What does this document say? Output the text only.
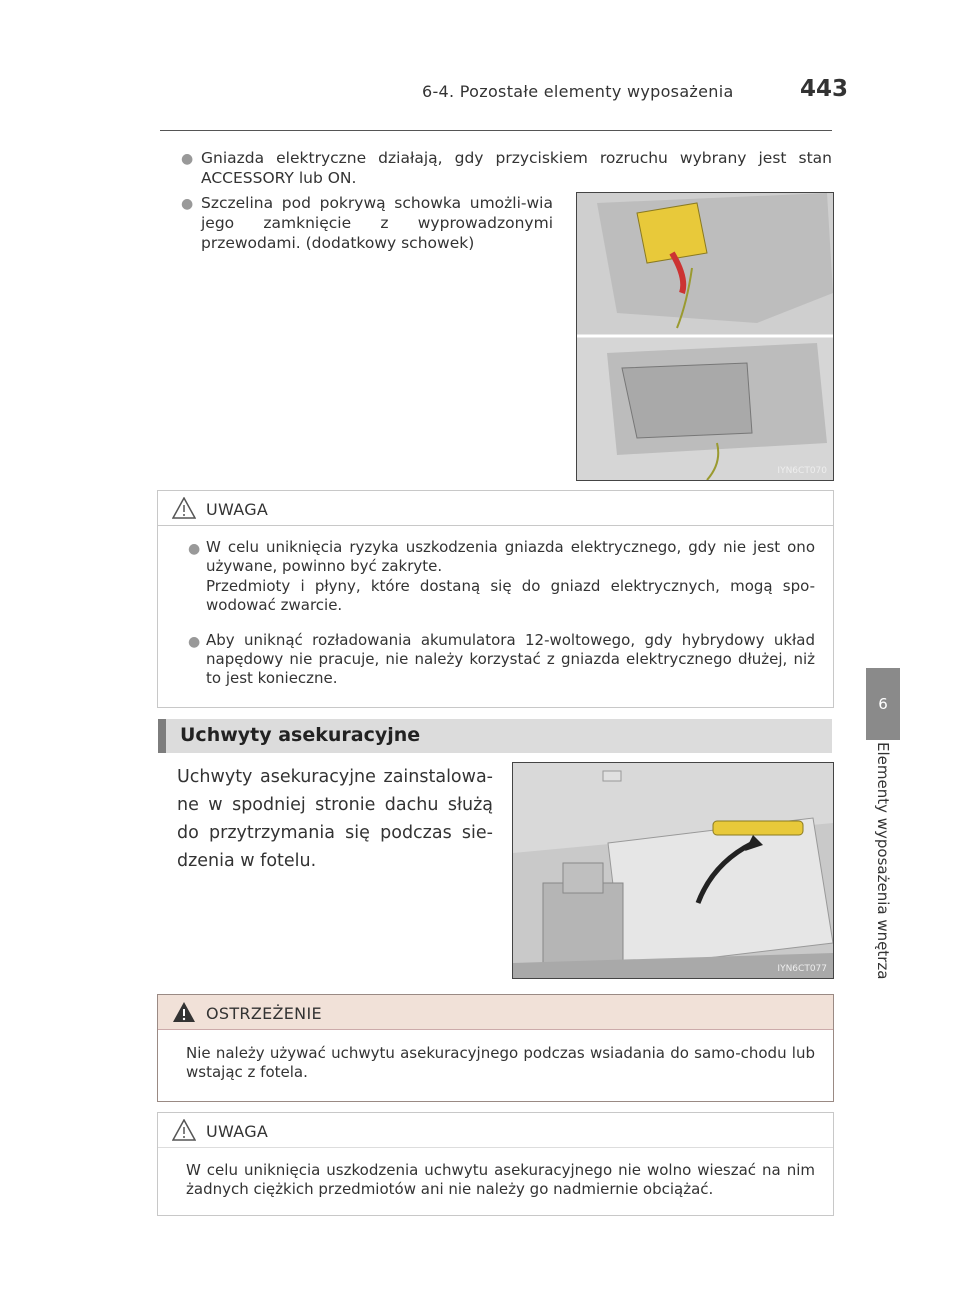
6-4. Pozostałe elementy wyposażenia	443
6
Elementy wyposażenia wnętrza
● Gniazda elektryczne działają, gdy przyciskiem rozruchu wybrany jest stan ACCESSORY lub ON.
● Szczelina pod pokrywą schowka umożli-wia jego zamknięcie z wyprowadzonymi przewodami. (dodatkowy schowek)
IYN6CT070
UWAGA
● W celu uniknięcia ryzyka uszkodzenia gniazda elektrycznego, gdy nie jest ono używane, powinno być zakryte.
Przedmioty i płyny, które dostaną się do gniazd elektrycznych, mogą spo-wodować zwarcie.
● Aby uniknąć rozładowania akumulatora 12-woltowego, gdy hybrydowy układ napędowy nie pracuje, nie należy korzystać z gniazda elektrycznego dłużej, niż to jest konieczne.
Uchwyty asekuracyjne
Uchwyty asekuracyjne zainstalowa-ne w spodniej stronie dachu służą do przytrzymania się podczas sie-dzenia w fotelu.
IYN6CT077
OSTRZEŻENIE
Nie należy używać uchwytu asekuracyjnego podczas wsiadania do samo-chodu lub wstając z fotela.
UWAGA
W celu uniknięcia uszkodzenia uchwytu asekuracyjnego nie wolno wieszać na nim żadnych ciężkich przedmiotów ani nie należy go nadmiernie obciążać.
